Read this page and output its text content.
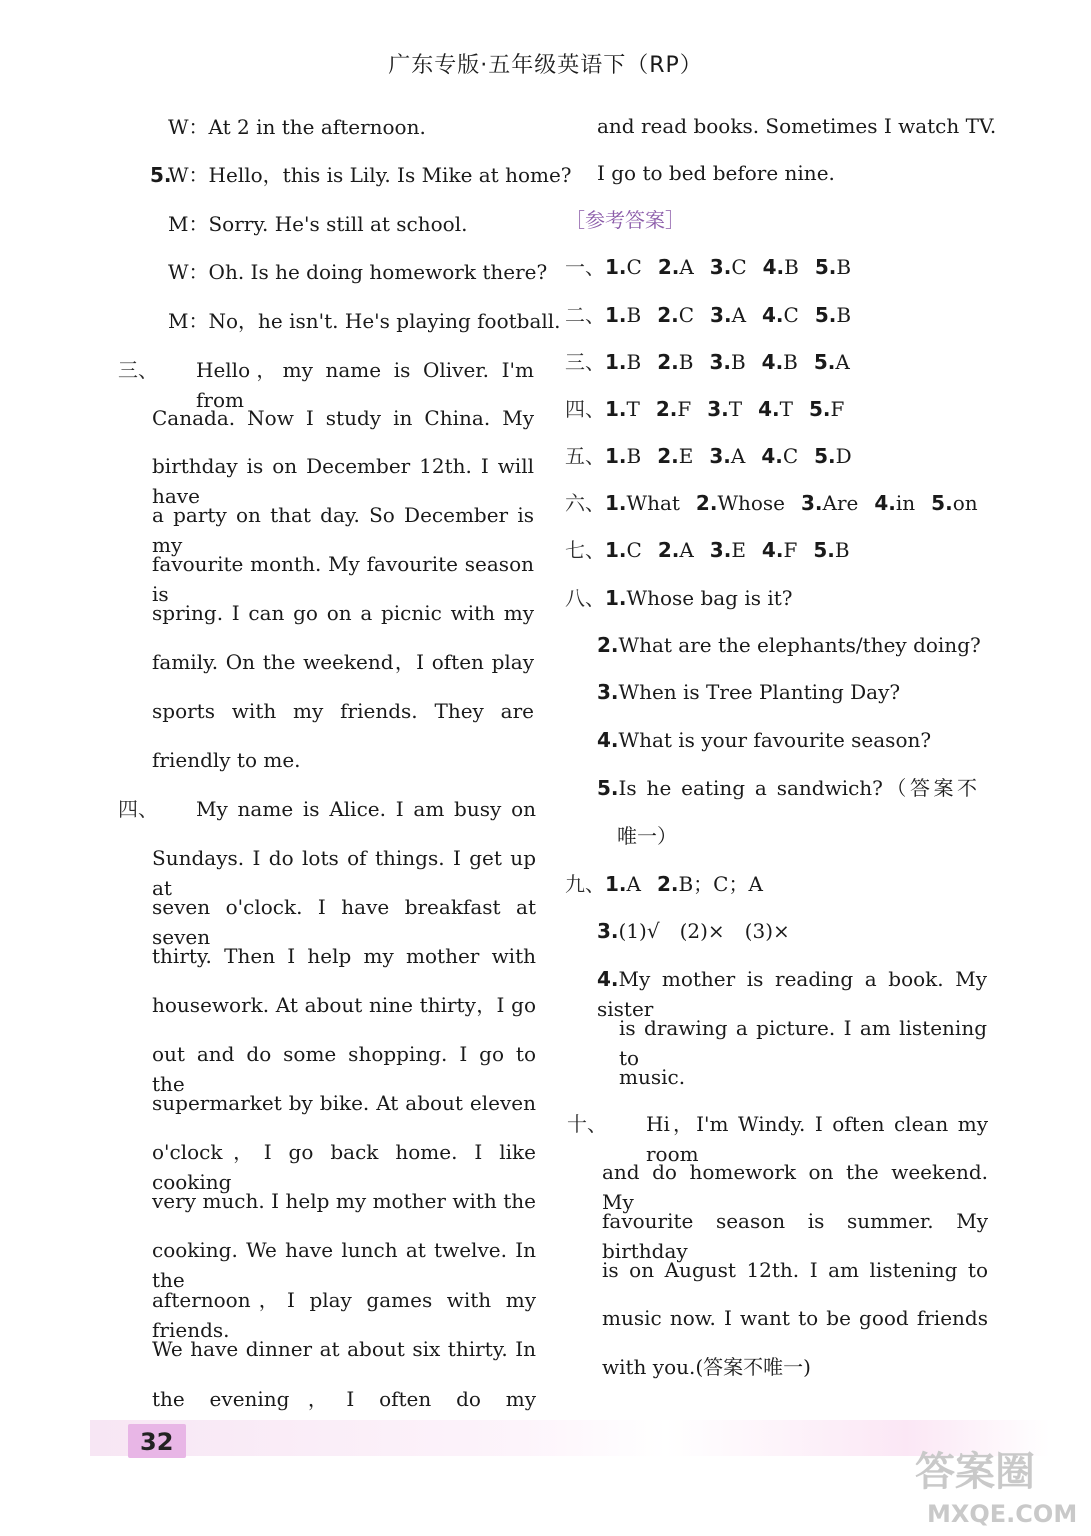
广东专版·五年级英语下（RP）
W：At 2 in the afternoon.
5.W：Hello，this is Lily. Is Mike at home?
M：Sorry. He's still at school.
W：Oh. Is he doing homework there?
M：No，he isn't. He's playing football.
三、 Hello，my name is Oliver. I'm from
Canada. Now I study in China. My
birthday is on December 12th. I will have
a party on that day. So December is my
favourite month. My favourite season is
spring. I can go on a picnic with my
family. On the weekend，I often play
sports with my friends. They are
friendly to me.
四、 My name is Alice. I am busy on
Sundays. I do lots of things. I get up at
seven o'clock. I have breakfast at seven
thirty. Then I help my mother with
housework. At about nine thirty，I go
out and do some shopping. I go to the
supermarket by bike. At about eleven
o'clock，I go back home. I like cooking
very much. I help my mother with the
cooking. We have lunch at twelve. In the
afternoon，I play games with my friends.
We have dinner at about six thirty. In
the evening，I often do my
and read books. Sometimes I watch TV.
I go to bed before nine.
［参考答案］
一、1.C 2.A 3.C 4.B 5.B
二、1.B 2.C 3.A 4.C 5.B
三、1.B 2.B 3.B 4.B 5.A
四、1.T 2.F 3.T 4.T 5.F
五、1.B 2.E 3.A 4.C 5.D
六、1.What 2.Whose 3.Are 4.in 5.on
七、1.C 2.A 3.E 4.F 5.B
八、1.Whose bag is it?
2.What are the elephants/they doing?
3.When is Tree Planting Day?
4.What is your favourite season?
5.Is he eating a sandwich?（答案不
唯一）
九、1.A 2.B；C；A
3.(1)√　(2)×　(3)×
4.My mother is reading a book. My sister
is drawing a picture. I am listening to
music.
十、 Hi，I'm Windy. I often clean my room
and do homework on the weekend. My
favourite season is summer. My birthday
is on August 12th. I am listening to
music now. I want to be good friends
with you.(答案不唯一)
32
答案圈
MXQE.COM
